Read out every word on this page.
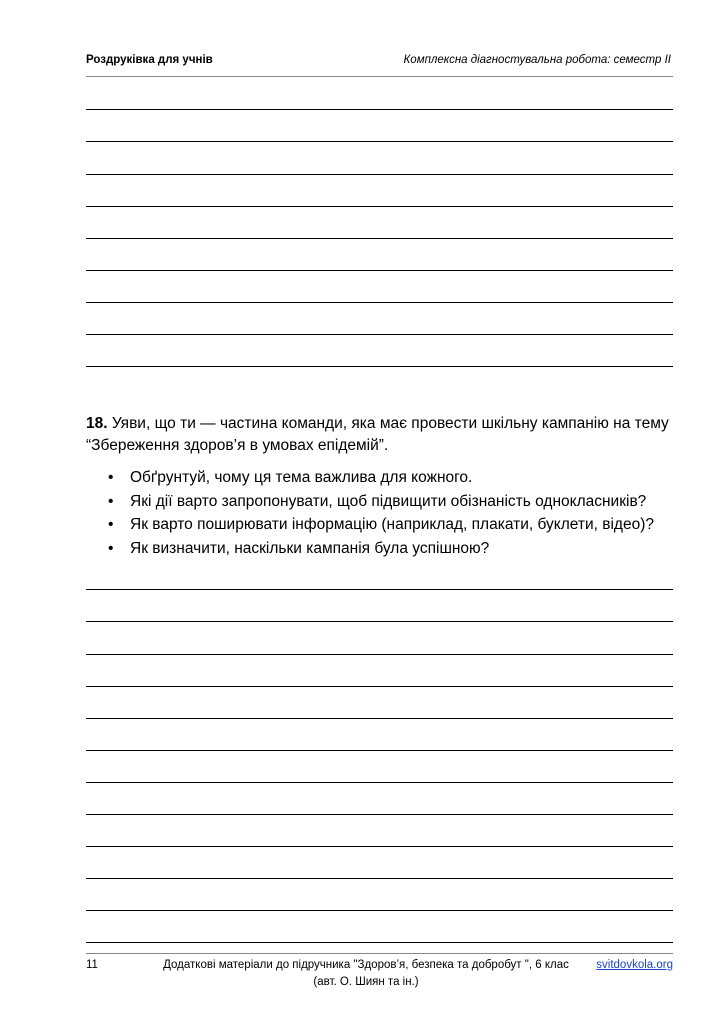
Роздруківка для учнів	Комплексна діагностувальна робота: семестр II
18. Уяви, що ти — частина команди, яка має провести шкільну кампанію на тему “Збереження здоров’я в умовах епідемій”.
• Обґрунтуй, чому ця тема важлива для кожного.
• Які дії варто запропонувати, щоб підвищити обізнаність однокласників?
• Як варто поширювати інформацію (наприклад, плакати, буклети, відео)?
• Як визначити, наскільки кампанія була успішною?
11	Додаткові матеріали до підручника "Здоров’я, безпека та добробут ", 6 клас
(авт. О. Шиян та ін.)
svitdovkola.org
